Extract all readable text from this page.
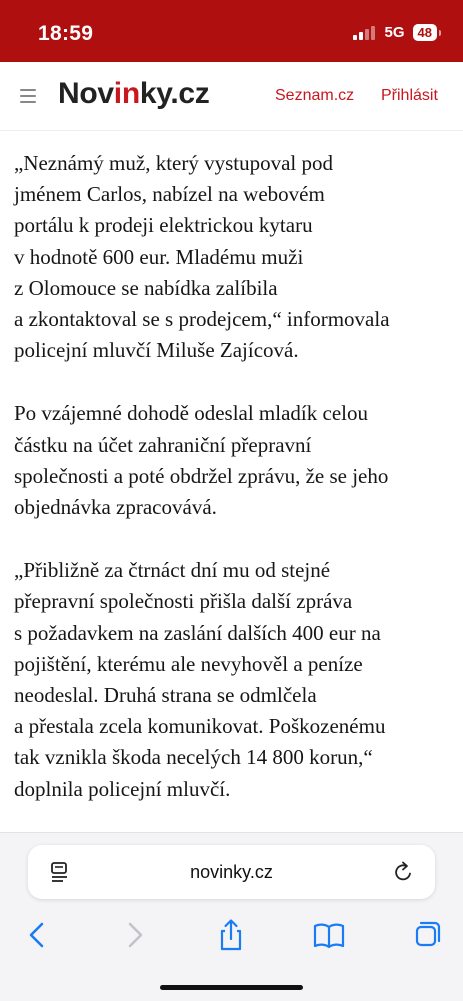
18:59	5G	48
Novinky.cz	Seznam.cz Přihlásit
„Neznámý muž, který vystupoval pod
jménem Carlos, nabízel na webovém
portálu k prodeji elektrickou kytaru
v hodnotě 600 eur. Mladému muži
z Olomouce se nabídka zalíbila
a zkontaktoval se s prodejcem,“ informovala
policejní mluvčí Miluše Zajícová.
Po vzájemné dohodě odeslal mladík celou
částku na účet zahraniční přepravní
společnosti a poté obdržel zprávu, že se jeho
objednávka zpracovává.
„Přibližně za čtrnáct dní mu od stejné
přepravní společnosti přišla další zpráva
s požadavkem na zaslání dalších 400 eur na
pojištění, kterému ale nevyhověl a peníze
neodeslal. Druhá strana se odmlčela
a přestala zcela komunikovat. Poškozenému
tak vznikla škoda necelých 14 800 korun,“
doplnila policejní mluvčí.
novinky.cz
